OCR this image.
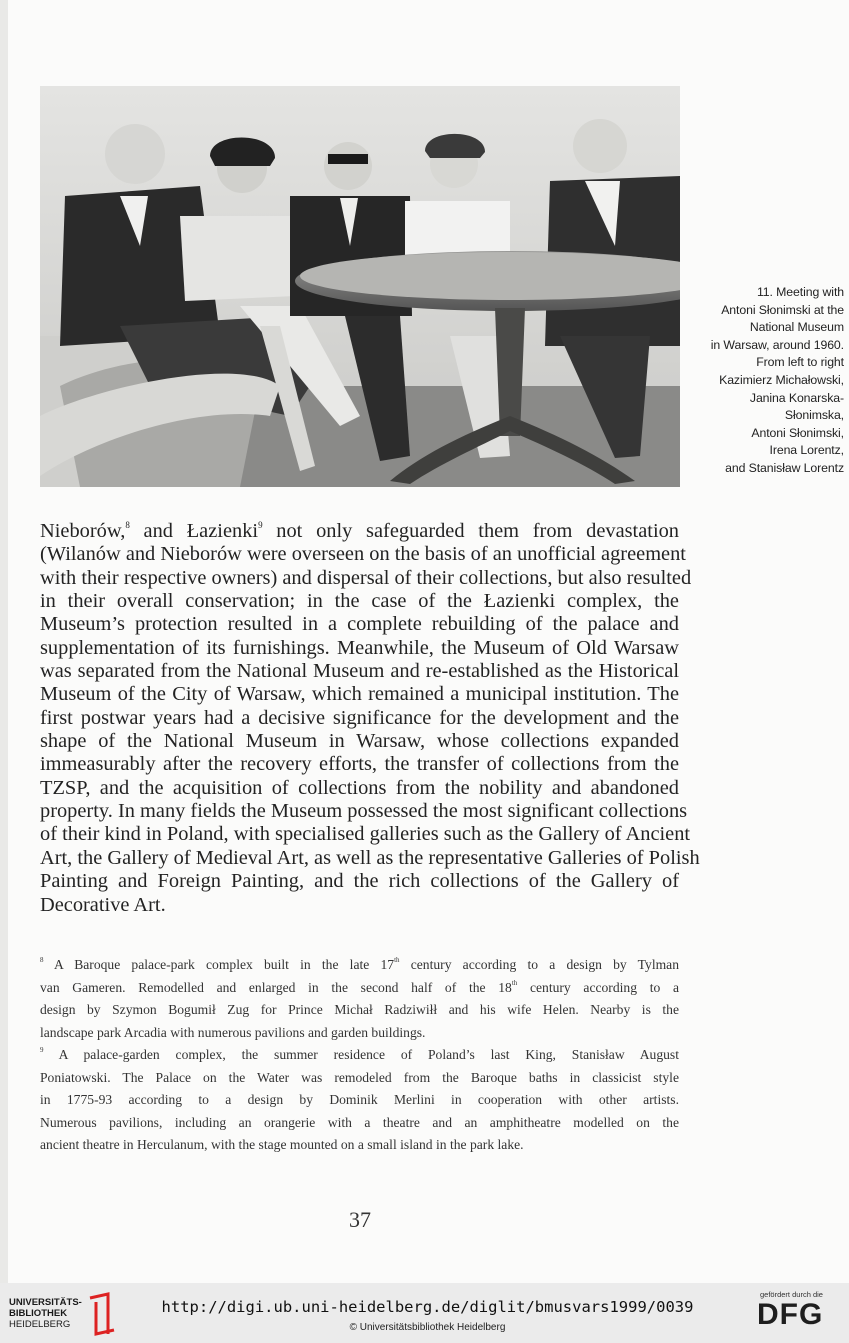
11. Meeting with
Antoni Słonimski at the
National Museum
in Warsaw, around 1960.
From left to right
Kazimierz Michałowski,
Janina Konarska-
Słonimska,
Antoni Słonimski,
Irena Lorentz,
and Stanisław Lorentz
Nieborów,$^8$ and Łazienki$^9$ not only safeguarded them from devastation
(Wilanów and Nieborów were overseen on the basis of an unofficial agreement
with their respective owners) and dispersal of their collections, but also resulted
in their overall conservation; in the case of the Łazienki complex, the
Museum’s protection resulted in a complete rebuilding of the palace and
supplementation of its furnishings. Meanwhile, the Museum of Old Warsaw
was separated from the National Museum and re-established as the Historical
Museum of the City of Warsaw, which remained a municipal institution. The
first postwar years had a decisive significance for the development and the
shape of the National Museum in Warsaw, whose collections expanded
immeasurably after the recovery efforts, the transfer of collections from the
TZSP, and the acquisition of collections from the nobility and abandoned
property. In many fields the Museum possessed the most significant collections
of their kind in Poland, with specialised galleries such as the Gallery of Ancient
Art, the Gallery of Medieval Art, as well as the representative Galleries of Polish
Painting and Foreign Painting, and the rich collections of the Gallery of
Decorative Art.
$^8$ A Baroque palace-park complex built in the late 17th century according to a design by Tylman
van Gameren. Remodelled and enlarged in the second half of the 18th century according to a
design by Szymon Bogumił Zug for Prince Michał Radziwiłł and his wife Helen. Nearby is the
landscape park Arcadia with numerous pavilions and garden buildings.
$^9$ A palace-garden complex, the summer residence of Poland’s last King, Stanisław August
Poniatowski. The Palace on the Water was remodeled from the Baroque baths in classicist style
in 1775-93 according to a design by Dominik Merlini in cooperation with other artists.
Numerous pavilions, including an orangerie with a theatre and an amphitheatre modelled on the
ancient theatre in Herculanum, with the stage mounted on a small island in the park lake.
37
UNIVERSITÄTS-
BIBLIOTHEK
HEIDELBERG
http://digi.ub.uni-heidelberg.de/diglit/bmusvars1999/0039
© Universitätsbibliothek Heidelberg
gefördert durch die
DFG
